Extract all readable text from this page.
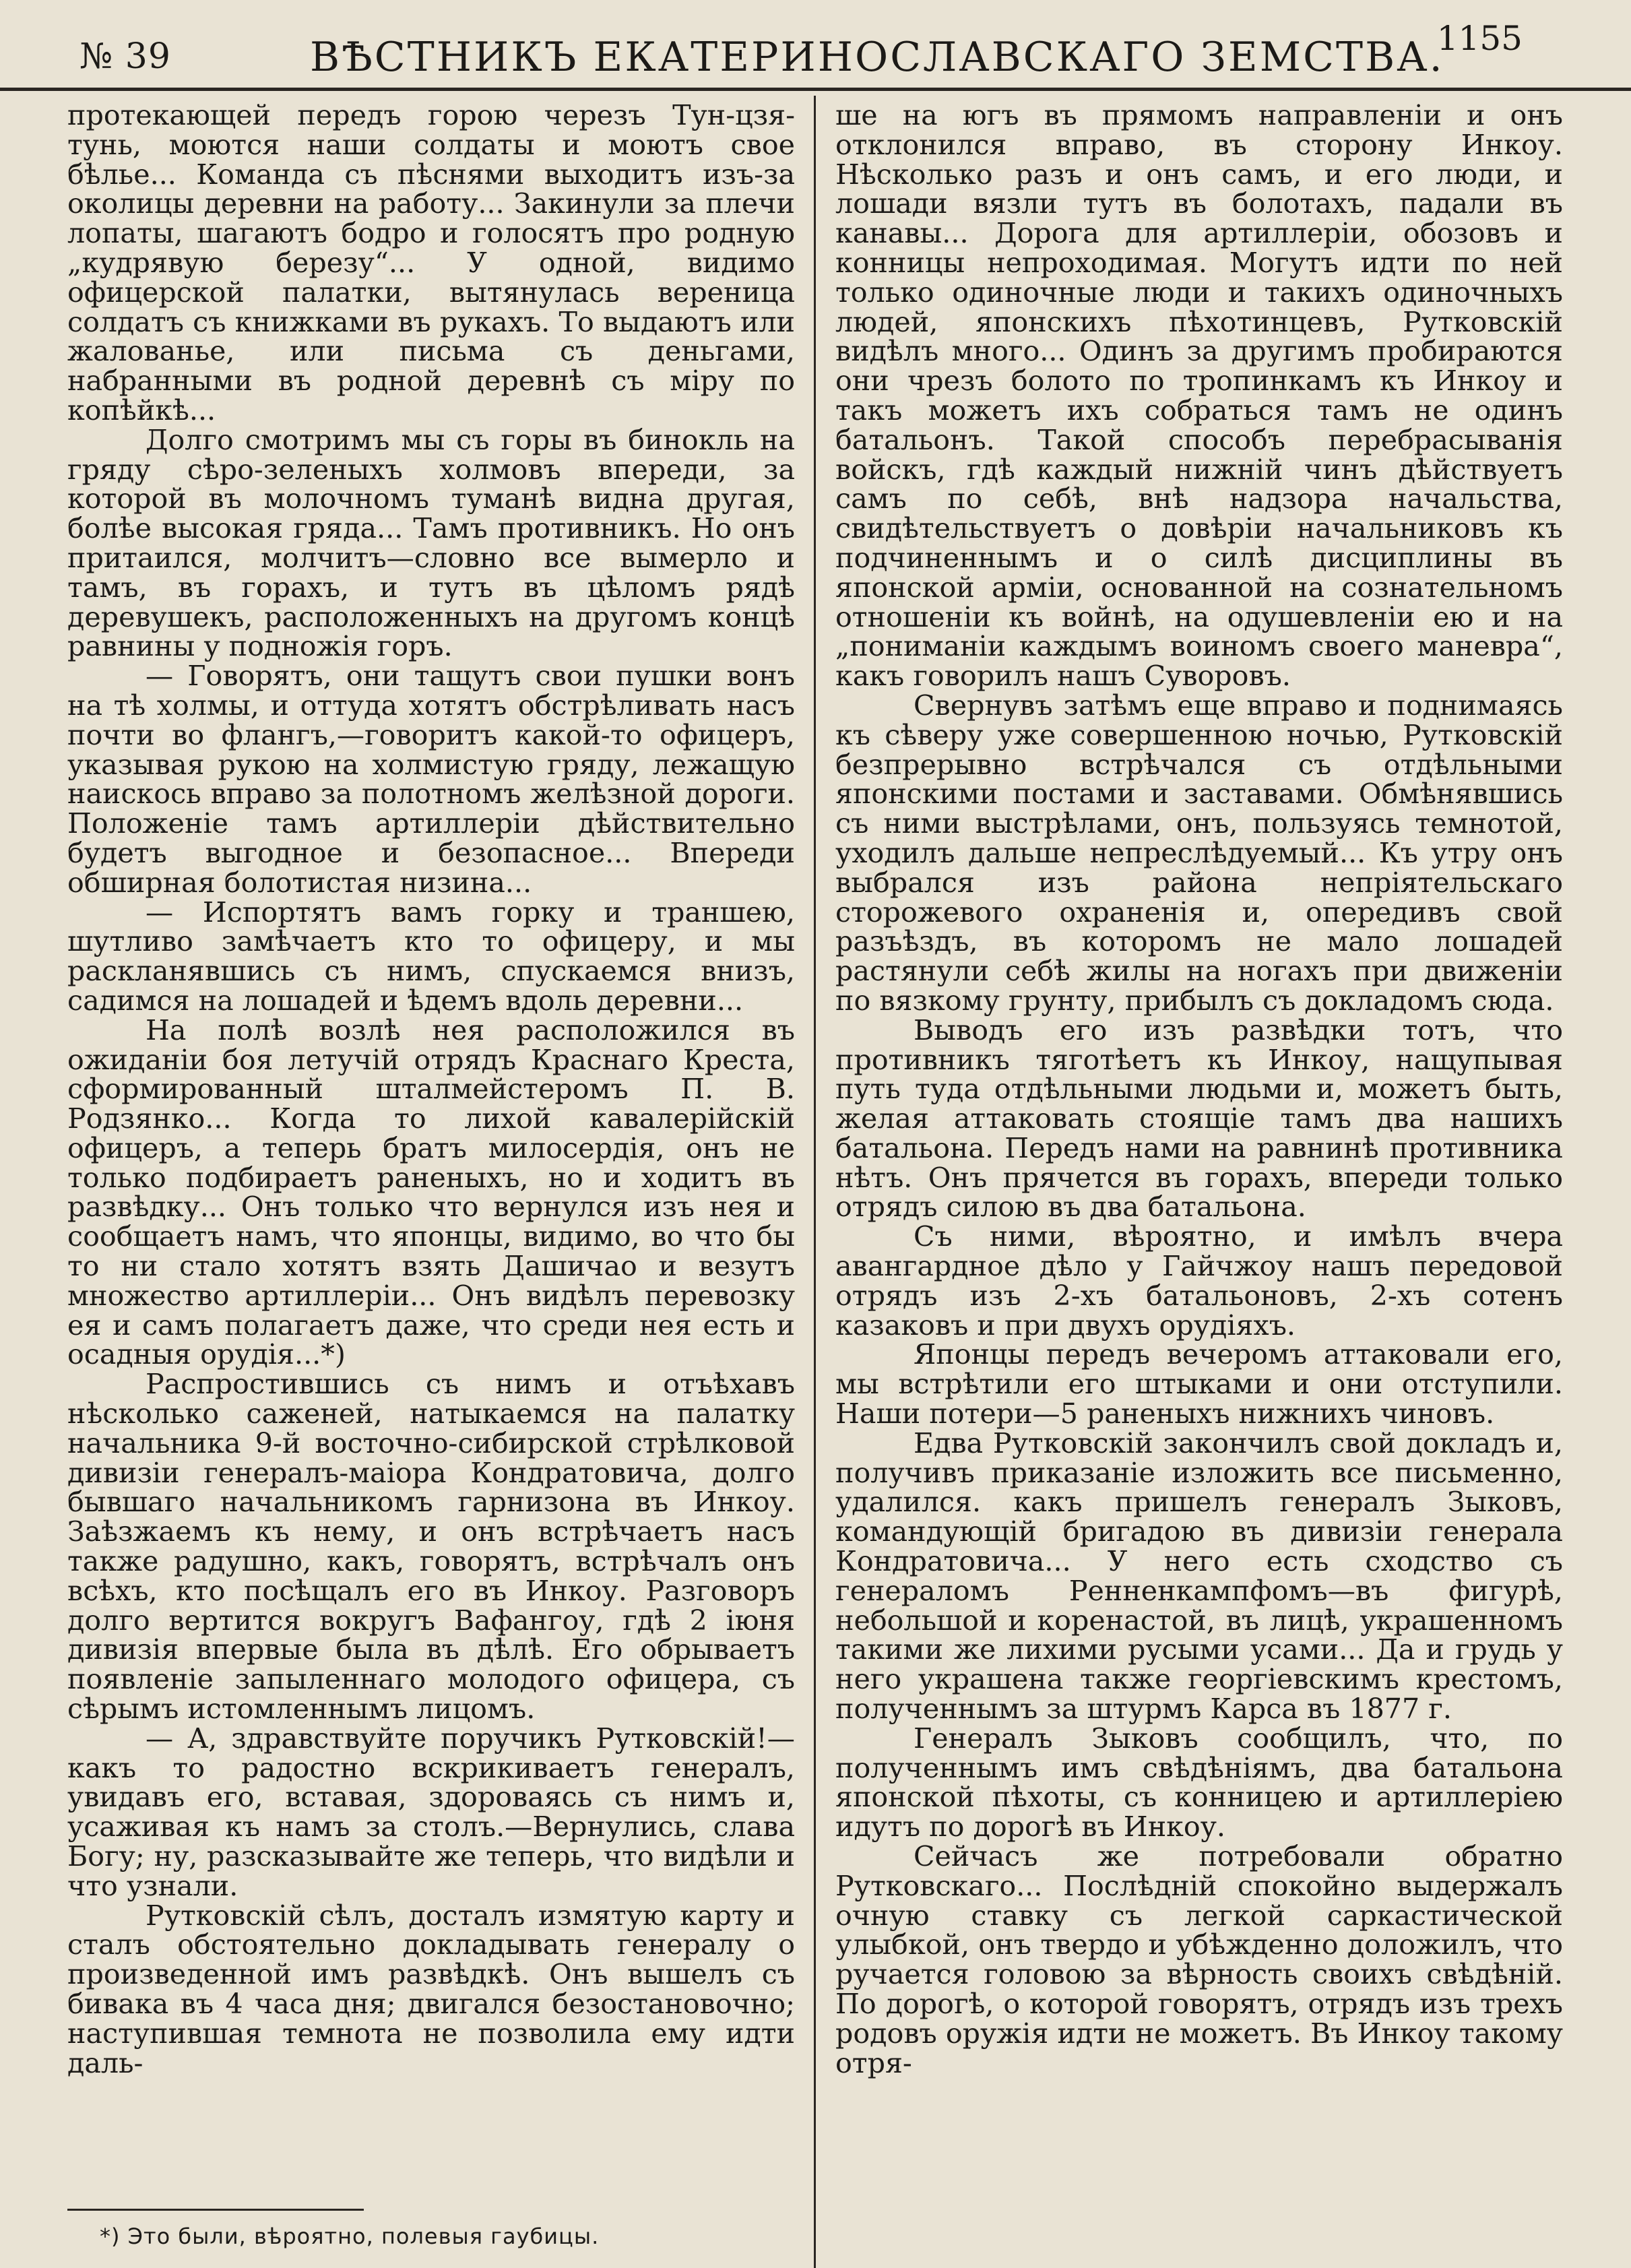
№ 39	ВѢСТНИКЪ ЕКАТЕРИНОСЛАВСКАГО ЗЕМСТВА.
1155

протекающей передъ горою черезъ Тун-цзя-тунь, моются наши солдаты и моютъ свое бѣлье... Команда съ пѣснями выходитъ изъ-за околицы деревни на работу... Закинули за плечи лопаты, шагаютъ бодро и голосятъ про родную „кудрявую березу“... У одной, видимо офицерской палатки, вытянулась вереница солдатъ съ книжками въ рукахъ. То выдаютъ или жалованье, или письма съ деньгами, набранными въ родной деревнѣ съ міру по копѣйкѣ...

Долго смотримъ мы съ горы въ бинокль на гряду сѣро-зеленыхъ холмовъ впереди, за которой въ молочномъ туманѣ видна другая, болѣе высокая гряда... Тамъ противникъ. Но онъ притаился, молчитъ—словно все вымерло и тамъ, въ горахъ, и тутъ въ цѣломъ рядѣ деревушекъ, расположенныхъ на другомъ концѣ равнины у подножія горъ.

— Говорятъ, они тащутъ свои пушки вонъ на тѣ холмы, и оттуда хотятъ обстрѣливать насъ почти во флангъ,—говоритъ какой-то офицеръ, указывая рукою на холмистую гряду, лежащую наискось вправо за полотномъ желѣзной дороги. Положеніе тамъ артиллеріи дѣйствительно будетъ выгодное и безопасное... Впереди обширная болотистая низина...

— Испортятъ вамъ горку и траншею, шутливо замѣчаетъ кто то офицеру, и мы раскланявшись съ нимъ, спускаемся внизъ, садимся на лошадей и ѣдемъ вдоль деревни...

На полѣ возлѣ нея расположился въ ожиданіи боя летучій отрядъ Краснаго Креста, сформированный шталмейстеромъ П. В. Родзянко... Когда то лихой кавалерійскій офицеръ, а теперь братъ милосердія, онъ не только подбираетъ раненыхъ, но и ходитъ въ развѣдку... Онъ только что вернулся изъ нея и сообщаетъ намъ, что японцы, видимо, во что бы то ни стало хотятъ взять Дашичао и везутъ множество артиллеріи... Онъ видѣлъ перевозку ея и самъ полагаетъ даже, что среди нея есть и осадныя орудія...*)

Распростившись съ нимъ и отъѣхавъ нѣсколько саженей, натыкаемся на палатку начальника 9-й восточно-сибирской стрѣлковой дивизіи генералъ-маіора Кондратовича, долго бывшаго начальникомъ гарнизона въ Инкоу. Заѣзжаемъ къ нему, и онъ встрѣчаетъ насъ также радушно, какъ, говорятъ, встрѣчалъ онъ всѣхъ, кто посѣщалъ его въ Инкоу. Разговоръ долго вертится вокругъ Вафангоу, гдѣ 2 іюня дивизія впервые была въ дѣлѣ. Его обрываетъ появленіе запыленнаго молодого офицера, съ сѣрымъ истомленнымъ лицомъ.

— А, здравствуйте поручикъ Рутковскій!— какъ то радостно вскрикиваетъ генералъ, увидавъ его, вставая, здороваясь съ нимъ и, усаживая къ намъ за столъ.—Вернулись, слава Богу; ну, разсказывайте же теперь, что видѣли и что узнали.

Рутковскій сѣлъ, досталъ измятую карту и сталъ обстоятельно докладывать генералу о произведенной имъ развѣдкѣ. Онъ вышелъ съ бивака въ 4 часа дня; двигался безостановочно; наступившая темнота не позволила ему идти даль-

ше на югъ въ прямомъ направленіи и онъ отклонился вправо, въ сторону Инкоу. Нѣсколько разъ и онъ самъ, и его люди, и лошади вязли тутъ въ болотахъ, падали въ канавы... Дорога для артиллеріи, обозовъ и конницы непроходимая. Могутъ идти по ней только одиночные люди и такихъ одиночныхъ людей, японскихъ пѣхотинцевъ, Рутковскій видѣлъ много... Одинъ за другимъ пробираются они чрезъ болото по тропинкамъ къ Инкоу и такъ можетъ ихъ собраться тамъ не одинъ батальонъ. Такой способъ перебрасыванія войскъ, гдѣ каждый нижній чинъ дѣйствуетъ самъ по себѣ, внѣ надзора начальства, свидѣтельствуетъ о довѣріи начальниковъ къ подчиненнымъ и о силѣ дисциплины въ японской арміи, основанной на сознательномъ отношеніи къ войнѣ, на одушевленіи ею и на „пониманіи каждымъ воиномъ своего маневра“, какъ говорилъ нашъ Суворовъ.

Свернувъ затѣмъ еще вправо и поднимаясь къ сѣверу уже совершенною ночью, Рутковскій безпрерывно встрѣчался съ отдѣльными японскими постами и заставами. Обмѣнявшись съ ними выстрѣлами, онъ, пользуясь темнотой, уходилъ дальше непреслѣдуемый... Къ утру онъ выбрался изъ района непріятельскаго сторожевого охраненія и, опередивъ свой разъѣздъ, въ которомъ не мало лошадей растянули себѣ жилы на ногахъ при движеніи по вязкому грунту, прибылъ съ докладомъ сюда.

Выводъ его изъ развѣдки тотъ, что противникъ тяготѣетъ къ Инкоу, нащупывая путь туда отдѣльными людьми и, можетъ быть, желая аттаковать стоящіе тамъ два нашихъ батальона. Передъ нами на равнинѣ противника нѣтъ. Онъ прячется въ горахъ, впереди только отрядъ силою въ два батальона.

Съ ними, вѣроятно, и имѣлъ вчера авангардное дѣло у Гайчжоу нашъ передовой отрядъ изъ 2-хъ батальоновъ, 2-хъ сотенъ казаковъ и при двухъ орудіяхъ.

Японцы передъ вечеромъ аттаковали его, мы встрѣтили его штыками и они отступили. Наши потери—5 раненыхъ нижнихъ чиновъ.

Едва Рутковскій закончилъ свой докладъ и, получивъ приказаніе изложить все письменно, удалился. какъ пришелъ генералъ Зыковъ, командующій бригадою въ дивизіи генерала Кондратовича... У него есть сходство съ генераломъ Ренненкампфомъ—въ фигурѣ, небольшой и коренастой, въ лицѣ, украшенномъ такими же лихими русыми усами... Да и грудь у него украшена также георгіевскимъ крестомъ, полученнымъ за штурмъ Карса въ 1877 г.

Генералъ Зыковъ сообщилъ, что, по полученнымъ имъ свѣдѣніямъ, два батальона японской пѣхоты, съ конницею и артиллеріею идутъ по дорогѣ въ Инкоу.

Сейчасъ же потребовали обратно Рутковскаго... Послѣдній спокойно выдержалъ очную ставку съ легкой саркастической улыбкой, онъ твердо и убѣжденно доложилъ, что ручается головою за вѣрность своихъ свѣдѣній. По дорогѣ, о которой говорятъ, отрядъ изъ трехъ родовъ оружія идти не можетъ. Въ Инкоу такому отря-

*) Это были, вѣроятно, полевыя гаубицы.
